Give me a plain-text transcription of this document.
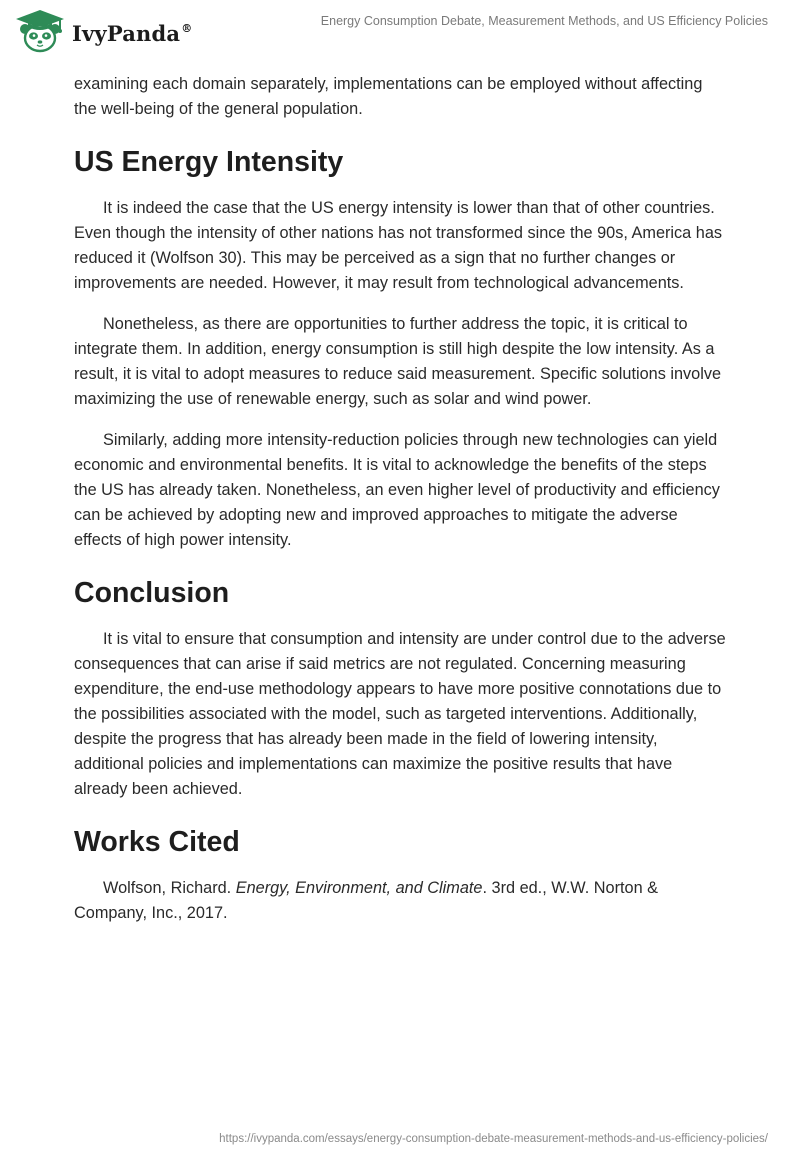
IvyPanda®	Energy Consumption Debate, Measurement Methods, and US Efficiency Policies

examining each domain separately, implementations can be employed without affecting the well-being of the general population.

US Energy Intensity

It is indeed the case that the US energy intensity is lower than that of other countries. Even though the intensity of other nations has not transformed since the 90s, America has reduced it (Wolfson 30). This may be perceived as a sign that no further changes or improvements are needed. However, it may result from technological advancements.

Nonetheless, as there are opportunities to further address the topic, it is critical to integrate them. In addition, energy consumption is still high despite the low intensity. As a result, it is vital to adopt measures to reduce said measurement. Specific solutions involve maximizing the use of renewable energy, such as solar and wind power.

Similarly, adding more intensity-reduction policies through new technologies can yield economic and environmental benefits. It is vital to acknowledge the benefits of the steps the US has already taken. Nonetheless, an even higher level of productivity and efficiency can be achieved by adopting new and improved approaches to mitigate the adverse effects of high power intensity.

Conclusion

It is vital to ensure that consumption and intensity are under control due to the adverse consequences that can arise if said metrics are not regulated. Concerning measuring expenditure, the end-use methodology appears to have more positive connotations due to the possibilities associated with the model, such as targeted interventions. Additionally, despite the progress that has already been made in the field of lowering intensity, additional policies and implementations can maximize the positive results that have already been achieved.

Works Cited

Wolfson, Richard. Energy, Environment, and Climate. 3rd ed., W.W. Norton & Company, Inc., 2017.

https://ivypanda.com/essays/energy-consumption-debate-measurement-methods-and-us-efficiency-policies/
